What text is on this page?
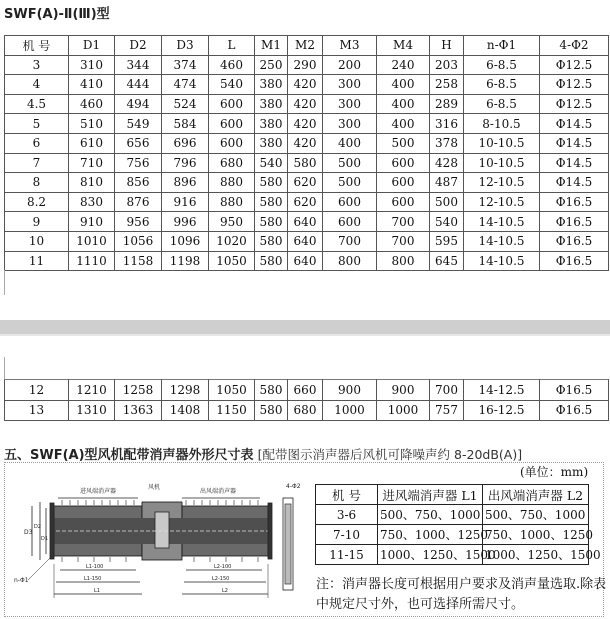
SWF(A)-Ⅱ(Ⅲ)型
机 号	D1	D2	D3	L	M1	M2	M3	M4	H	n-Φ1	4-Φ2
3	310	344	374	460	250	290	200	240	203	6-8.5	Φ12.5
4	410	444	474	540	380	420	300	400	258	6-8.5	Φ12.5
4.5	460	494	524	600	380	420	300	400	289	6-8.5	Φ12.5
5	510	549	584	600	380	420	300	400	316	8-10.5	Φ14.5
6	610	656	696	600	380	420	400	500	378	10-10.5	Φ14.5
7	710	756	796	680	540	580	500	600	428	10-10.5	Φ14.5
8	810	856	896	880	580	620	500	600	487	12-10.5	Φ14.5
8.2	830	876	916	880	580	620	600	600	500	12-10.5	Φ16.5
9	910	956	996	950	580	640	600	700	540	14-10.5	Φ16.5
10	1010	1056	1096	1020	580	640	700	700	595	14-10.5	Φ16.5
11	1110	1158	1198	1050	580	640	800	800	645	14-10.5	Φ16.5
12	1210	1258	1298	1050	580	660	900	900	700	14-12.5	Φ16.5
13	1310	1363	1408	1150	580	680	1000	1000	757	16-12.5	Φ16.5
五、SWF(A)型风机配带消声器外形尺寸表 [配带图示消声器后风机可降噪声约 8-20dB(A)]
(单位：mm)
进风端消声器
风机
出风端消声器
4-Φ2
D3
D2
D1
L1-100	L2-100
L1-150	L2-150
L1	L2
n-Φ1
机 号	进风端消声器 L1	出风端消声器 L2
3-6	500、750、1000	500、750、1000
7-10	750、1000、1250	750、1000、1250
11-15	1000、1250、1500	1000、1250、1500
注：消声器长度可根据用户要求及消声量选取.除表中规定尺寸外，也可选择所需尺寸。
